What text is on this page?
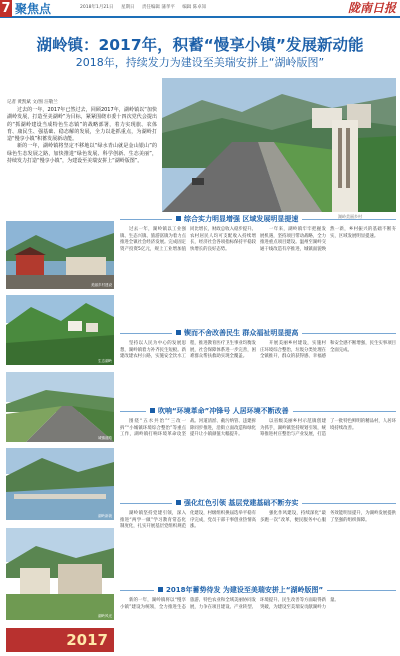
7 聚焦点	2018年1月21日 星期日 责任编辑 蒲孝平 编辑 陈卓知	陇南日报
湖岭镇：2017年，积蓄“慢享小镇”发展新动能
2018年，持续发力为建设至美瑞安拼上“湖岭版图”
记者 黄凯斌 文/图 汪敬兰

过去的一年，2017年已然过去，回顾2017年，湖岭镇以“加快湖岭发展，打造至美湖岭”为目标，紧紧围绕市委十四次党代会提出的“抓湖岭建设当成特色生态镇”的战略部署，着力实现旅、农体育、康民生、强基础、稳态解的发展，全力以赴抓重点，为湖岭打造“慢享小镇”积蓄发展新动能。

新的一年，湖岭镇将坚定不移地以“绿水青山就是金山银山”的绿色生态发展之路，加快推进“绿色发展、科学创新、生态美丽”，持续发力打造“慢享小镇”，为建设至美瑞安拼上“湖岭版图”。

湖岭美丽乡村
美丽乡村建设
生态湖岭
城镇道路
湖岭新貌
湖岭风光
2017
综合实力明显增强 区域发展明显提速

过去一年，湖岭镇以工业强镇、生态兴镇、旅游富镇为着力点推进全镇社会经济发展。完成固定资产投资5亿元，规上工业增加值同比增长，财政总收入稳步提升。农村居民人均可支配收入持续增长，经济社会各项指标保持平稳较快增长的良好态势。

一年来，湖岭镇牢牢把握发展机遇，坚持项目带动战略，全力推进重点项目建设。温州至湖岭交通干线改造有序推进，城镇面貌焕然一新，乡村振兴的基础不断夯实，区域发展明显提速。

锲而不舍改善民生 群众福祉明显提高

坚持以人民为中心的发展思想，湖岭镇着力补齐民生短板。新建改建农村公路，实施安全饮水工程，推进教育医疗卫生事业均衡发展，社会保障体系进一步完善，困难群众帮扶救助实现全覆盖。

开展美丽乡村建设，实施村庄环境综合整治，垃圾分类处理在全镇推开，群众的获得感、幸福感和安全感不断增强，民生实事项目全面完成。

吹响“环境革命”冲锋号 人居环境不断改善

围绕“五水共治”“三改一拆”“小城镇环境综合整治”等重点工作，湖岭镇打响环境革命攻坚战。河道清淤、截污纳管、违建拆除同步推进，沿街立面改造和绿化提升让小镇颜值大幅提升。

以省级美丽乡村示范镇创建为抓手，湖岭镇坚持规划引领，统筹推进村庄整治与产业发展，打造了一批特色鲜明的精品村，人居环境持续改善。

强化红色引领 基层党建基础不断夯实

湖岭镇坚持党建引领，深入推进“两学一做”学习教育常态化制度化，扎实开展基层党组织规范化建设，村级组织换届选举平稳有序完成，党员干部干事创业热情高涨。

强化作风建设，持续深化“最多跑一次”改革，便民服务中心服务效能明显提升，为湖岭发展提供了坚强的组织保障。

2018年蓄势待发 为建设至美瑞安拼上“湖岭版图”

新的一年，湖岭镇将以“慢享小镇”建设为统领，全力推进生态旅游、特色农业和全域美丽协同发展，力争在项目建设、产业转型、环境提升、民生改善等方面取得新突破，为建设至美瑞安贡献湖岭力量。
